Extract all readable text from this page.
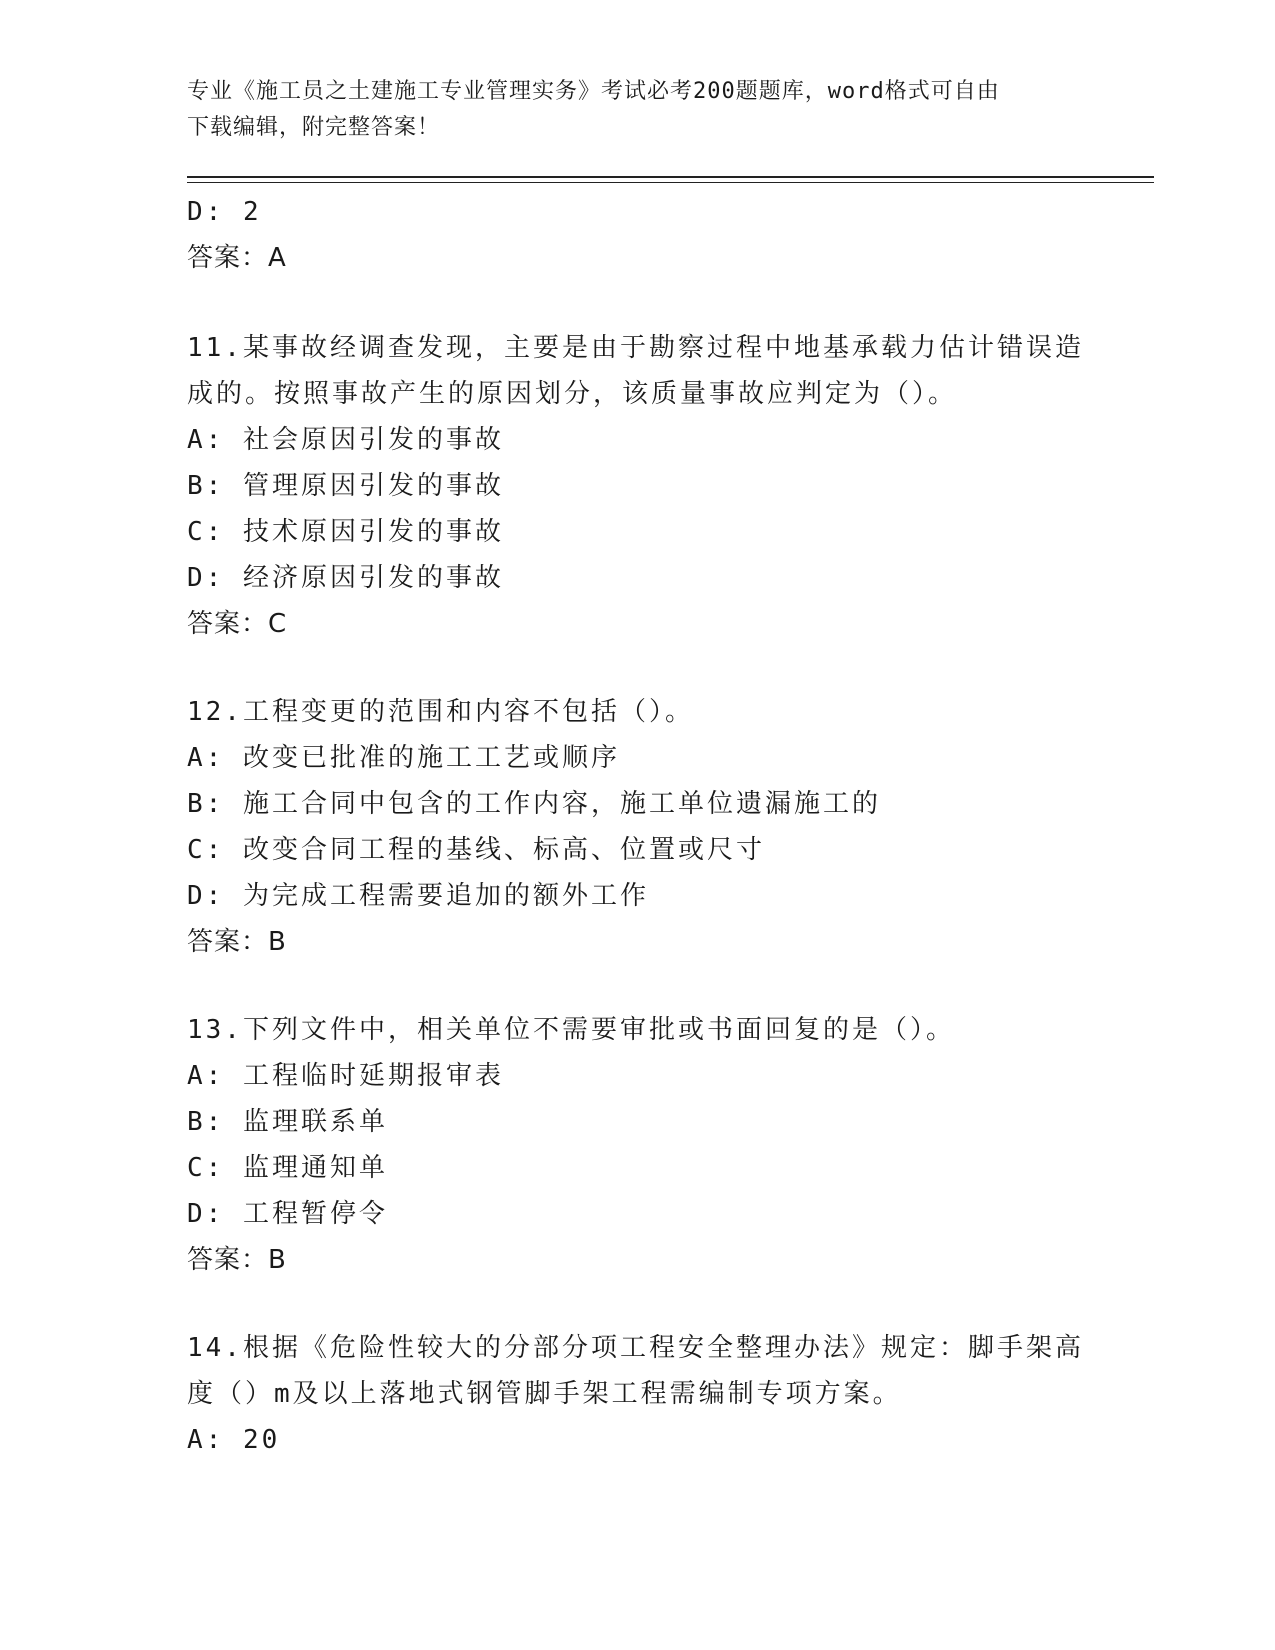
专业《施工员之土建施工专业管理实务》考试必考200题题库，word格式可自由
下载编辑，附完整答案！
D: 2
答案：A
11.某事故经调查发现，主要是由于勘察过程中地基承载力估计错误造
成的。按照事故产生的原因划分，该质量事故应判定为（）。
A: 社会原因引发的事故
B: 管理原因引发的事故
C: 技术原因引发的事故
D: 经济原因引发的事故
答案：C
12.工程变更的范围和内容不包括（）。
A: 改变已批准的施工工艺或顺序
B: 施工合同中包含的工作内容，施工单位遗漏施工的
C: 改变合同工程的基线、标高、位置或尺寸
D: 为完成工程需要追加的额外工作
答案：B
13.下列文件中，相关单位不需要审批或书面回复的是（）。
A: 工程临时延期报审表
B: 监理联系单
C: 监理通知单
D: 工程暂停令
答案：B
14.根据《危险性较大的分部分项工程安全整理办法》规定：脚手架高
度（）m及以上落地式钢管脚手架工程需编制专项方案。
A: 20
